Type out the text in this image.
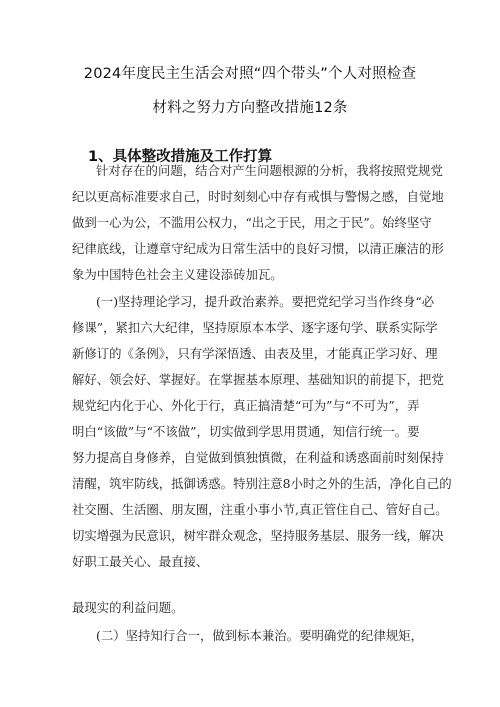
2024年度民主生活会对照“四个带头”个人对照检查
材料之努力方向整改措施12条
1、具体整改措施及工作打算
针对存在的问题，结合对产生问题根源的分析，我将按照党规党
纪以更高标准要求自己，时时刻刻心中存有戒惧与警惕之感，自觉地
做到一心为公，不滥用公权力，“出之于民，用之于民”。始终坚守
纪律底线，让遵章守纪成为日常生活中的良好习惯，以清正廉洁的形
象为中国特色社会主义建设添砖加瓦。
(一)坚持理论学习，提升政治素养。要把党纪学习当作终身“必
修课”，紧扣六大纪律，坚持原原本本学、逐字逐句学、联系实际学
新修订的《条例》，只有学深悟透、由表及里，才能真正学习好、理
解好、领会好、掌握好。在掌握基本原理、基础知识的前提下，把党
规党纪内化于心、外化于行，真正搞清楚“可为”与“不可为”，弄
明白“该做”与“不该做”，切实做到学思用贯通，知信行统一。要
努力提高自身修养，自觉做到慎独慎微，在利益和诱惑面前时刻保持
清醒，筑牢防线，抵御诱惑。特别注意8小时之外的生活，净化自己的
社交圈、生活圈、朋友圈，注重小事小节,真正管住自己、管好自己。
切实增强为民意识，树牢群众观念，坚持服务基层、服务一线，解决
好职工最关心、最直接、
最现实的利益问题。
(二）坚持知行合一，做到标本兼治。要明确党的纪律规矩，
